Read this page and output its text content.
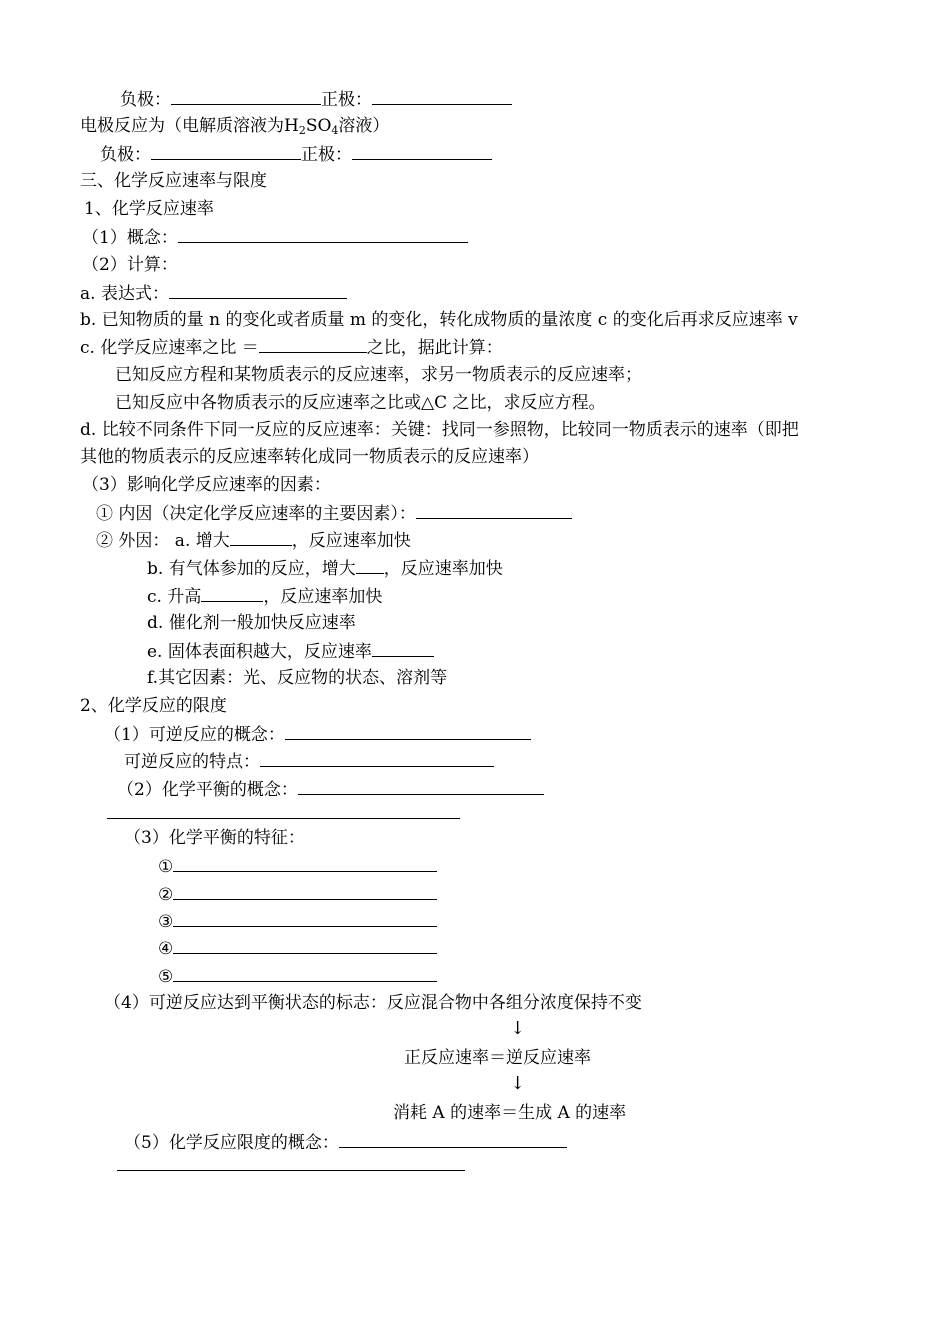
负极：	正极：
电极反应为（电解质溶液为$H_2SO_4$溶液）
负极：	正极：
三、化学反应速率与限度
1、化学反应速率
（1）概念：
（2）计算：
a. 表达式：
b. 已知物质的量 n 的变化或者质量 m 的变化，转化成物质的量浓度 c 的变化后再求反应速率 v
c. 化学反应速率之比 ＝	之比，据此计算：
已知反应方程和某物质表示的反应速率，求另一物质表示的反应速率；
已知反应中各物质表示的反应速率之比或△C 之比，求反应方程。
d. 比较不同条件下同一反应的反应速率：关键：找同一参照物，比较同一物质表示的速率（即把
其他的物质表示的反应速率转化成同一物质表示的反应速率）
（3）影响化学反应速率的因素：
① 内因（决定化学反应速率的主要因素）：
② 外因： a. 增大	，反应速率加快
b. 有气体参加的反应，增大 ，反应速率加快
c. 升高	，反应速率加快
d. 催化剂一般加快反应速率
e. 固体表面积越大，反应速率
f.其它因素：光、反应物的状态、溶剂等
2、化学反应的限度
（1）可逆反应的概念：
可逆反应的特点：
（2）化学平衡的概念：
（3）化学平衡的特征：
①
②
③
④
⑤
（4）可逆反应达到平衡状态的标志：反应混合物中各组分浓度保持不变
↓
正反应速率＝逆反应速率
↓
消耗 A 的速率＝生成 A 的速率
（5）化学反应限度的概念：
